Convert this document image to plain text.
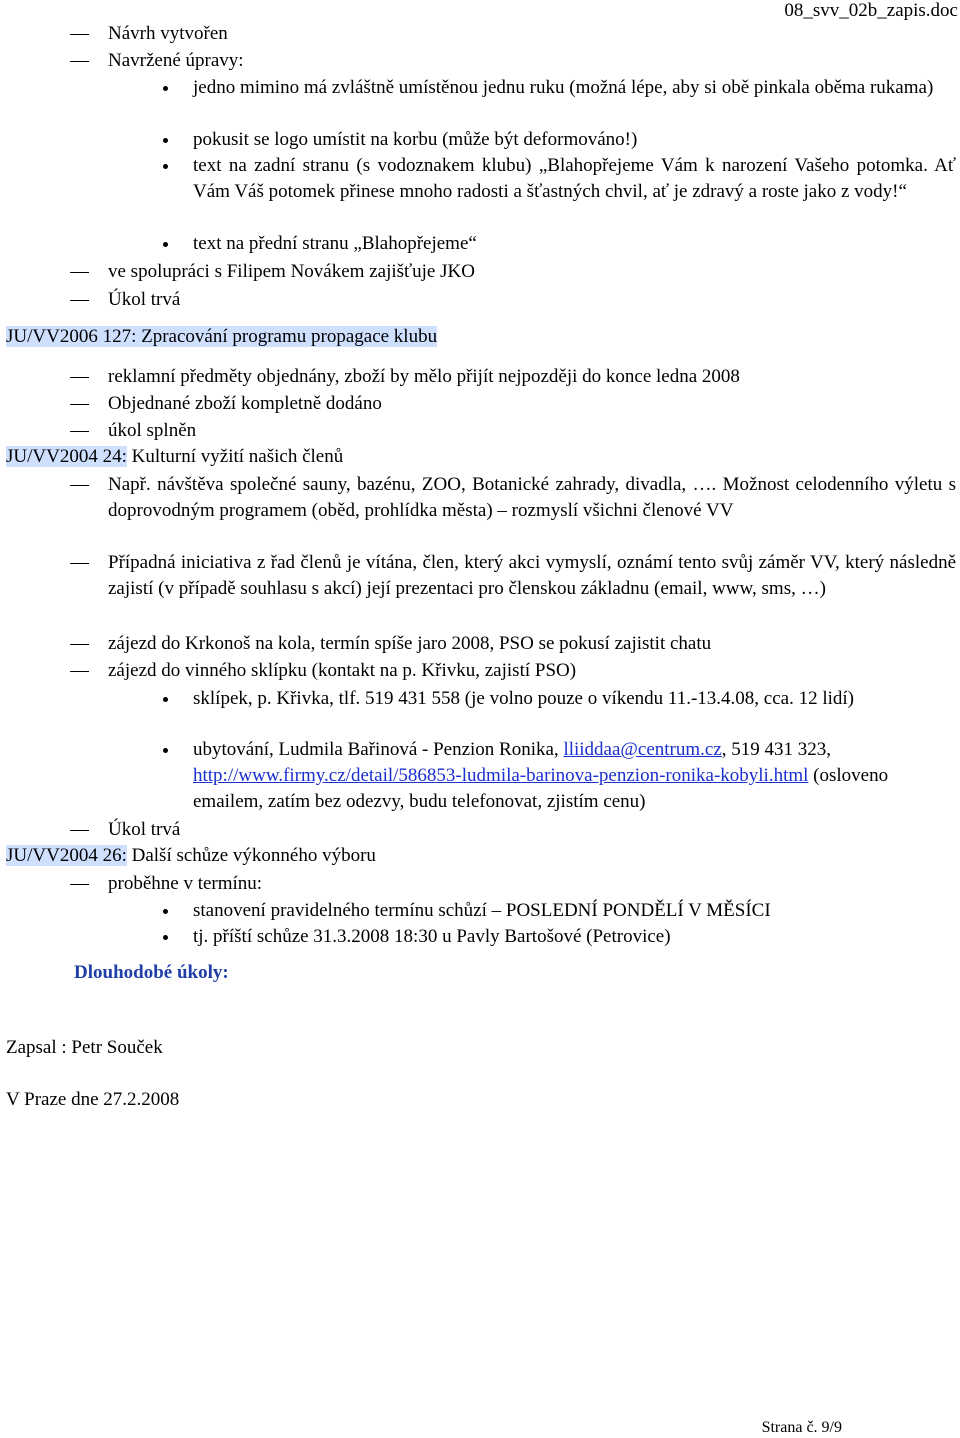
08_svv_02b_zapis.doc
Návrh vytvořen
Navržené úpravy:
jedno mimino má zvláštně umístěnou jednu ruku (možná lépe, aby si obě pinkala oběma rukama)
pokusit se logo umístit na korbu (může být deformováno!)
text na zadní stranu (s vodoznakem klubu) „Blahopřejeme Vám k narození Vašeho potomka. Ať Vám Váš potomek přinese mnoho radosti a šťastných chvil, ať je zdravý a roste jako z vody!“
text na přední stranu „Blahopřejeme“
ve spolupráci s Filipem Novákem zajišťuje JKO
Úkol trvá
JU/VV2006 127: Zpracování programu propagace klubu
reklamní předměty objednány, zboží by mělo přijít nejpozději do konce ledna 2008
Objednané zboží kompletně dodáno
úkol splněn
JU/VV2004 24: Kulturní vyžití našich členů
Např. návštěva společné sauny, bazénu, ZOO, Botanické zahrady, divadla, …. Možnost celodenního výletu s doprovodným programem (oběd, prohlídka města) – rozmyslí všichni členové VV
Případná iniciativa z řad členů je vítána, člen, který akci vymyslí, oznámí tento svůj záměr VV, který následně zajistí (v případě souhlasu s akcí) její prezentaci pro členskou základnu (email, www, sms, …)
zájezd do Krkonoš na kola, termín spíše jaro 2008, PSO se pokusí zajistit chatu
zájezd do vinného sklípku (kontakt na p. Křivku, zajistí PSO)
sklípek, p. Křivka, tlf. 519 431 558 (je volno pouze o víkendu 11.-13.4.08, cca. 12 lidí)
ubytování, Ludmila Bařinová - Penzion Ronika, lliiddaa@centrum.cz, 519 431 323, http://www.firmy.cz/detail/586853-ludmila-barinova-penzion-ronika-kobyli.html (osloveno emailem, zatím bez odezvy, budu telefonovat, zjistím cenu)
Úkol trvá
JU/VV2004 26: Další schůze výkonného výboru
proběhne v termínu:
stanovení pravidelného termínu schůzí – POSLEDNÍ PONDĚLÍ V MĚSÍCI
tj. příští schůze 31.3.2008 18:30 u Pavly Bartošové (Petrovice)
Dlouhodobé úkoly:
Zapsal : Petr Souček
V Praze dne 27.2.2008
Strana č. 9/9
